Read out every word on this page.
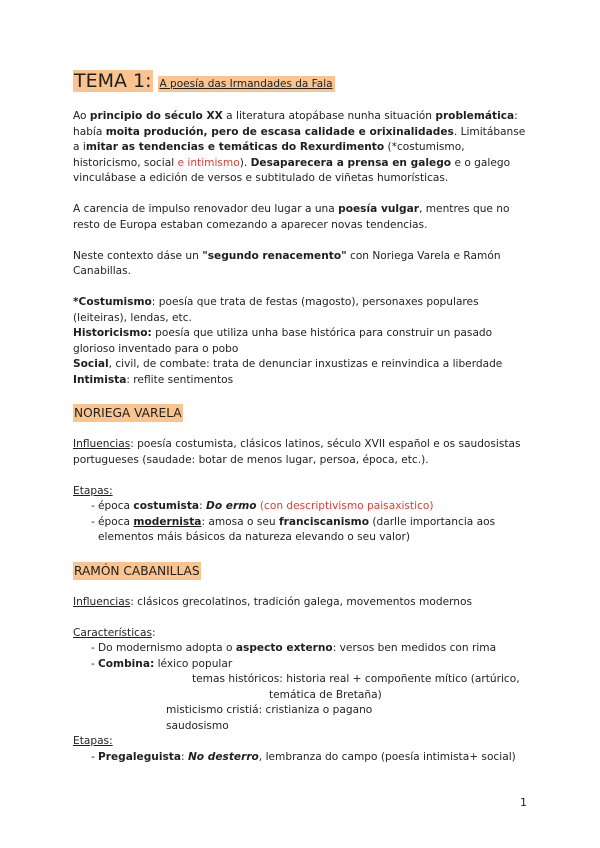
TEMA 1: A poesía das Irmandades da Fala

Ao principio do século XX a literatura atopábase nunha situación problemática: había moita produción, pero de escasa calidade e orixinalidades. Limitábanse a imitar as tendencias e temáticas do Rexurdimento (*costumismo, historicismo, social e intimismo). Desaparecera a prensa en galego e o galego vinculábase a edición de versos e subtitulado de viñetas humorísticas.

A carencia de impulso renovador deu lugar a una poesía vulgar, mentres que no resto de Europa estaban comezando a aparecer novas tendencias.

Neste contexto dáse un "segundo renacemento" con Noriega Varela e Ramón Canabillas.

*Costumismo: poesía que trata de festas (magosto), personaxes populares (leiteiras), lendas, etc.

Historicismo: poesía que utiliza unha base histórica para construir un pasado glorioso inventado para o pobo

Social, civil, de combate: trata de denunciar inxustizas e reinvindica a liberdade

Intimista: reflite sentimentos

NORIEGA VARELA

Influencias: poesía costumista, clásicos latinos, século XVII español e os saudosistas portugueses (saudade: botar de menos lugar, persoa, época, etc.).

Etapas:

- época costumista: Do ermo (con descriptivismo paisaxistico)
- época modernista: amosa o seu franciscanismo (darlle importancia aos elementos máis básicos da natureza elevando o seu valor)
RAMÓN CABANILLAS

Influencias: clásicos grecolatinos, tradición galega, movementos modernos

Características:

- Do modernismo adopta o aspecto externo: versos ben medidos con rima
- Combina: léxico popular
temas históricos: historia real + compoñente mítico (artúrico,
temática de Bretaña)
misticismo cristiá: cristianiza o pagano
saudosismo

Etapas:

- Pregaleguista: No desterro, lembranza do campo (poesía intimista+ social)
1
